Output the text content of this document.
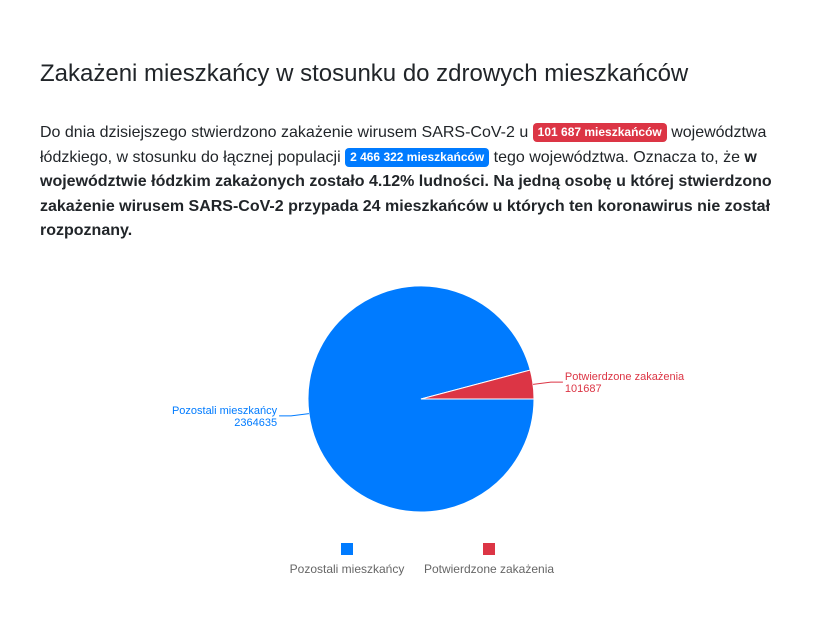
Zakażeni mieszkańcy w stosunku do zdrowych mieszkańców

Do dnia dzisiejszego stwierdzono zakażenie wirusem SARS-CoV-2 u 101 687 mieszkańców województwa łódzkiego, w stosunku do łącznej populacji 2 466 322 mieszkańców tego województwa. Oznacza to, że w województwie łódzkim zakażonych zostało 4.12% ludności. Na jedną osobę u której stwierdzono zakażenie wirusem SARS-CoV-2 przypada 24 mieszkańców u których ten koronawirus nie został rozpoznany.

Pozostali mieszkańcy
2364635
Potwierdzone zakażenia
101687
Pozostali mieszkańcy Potwierdzone zakażenia
